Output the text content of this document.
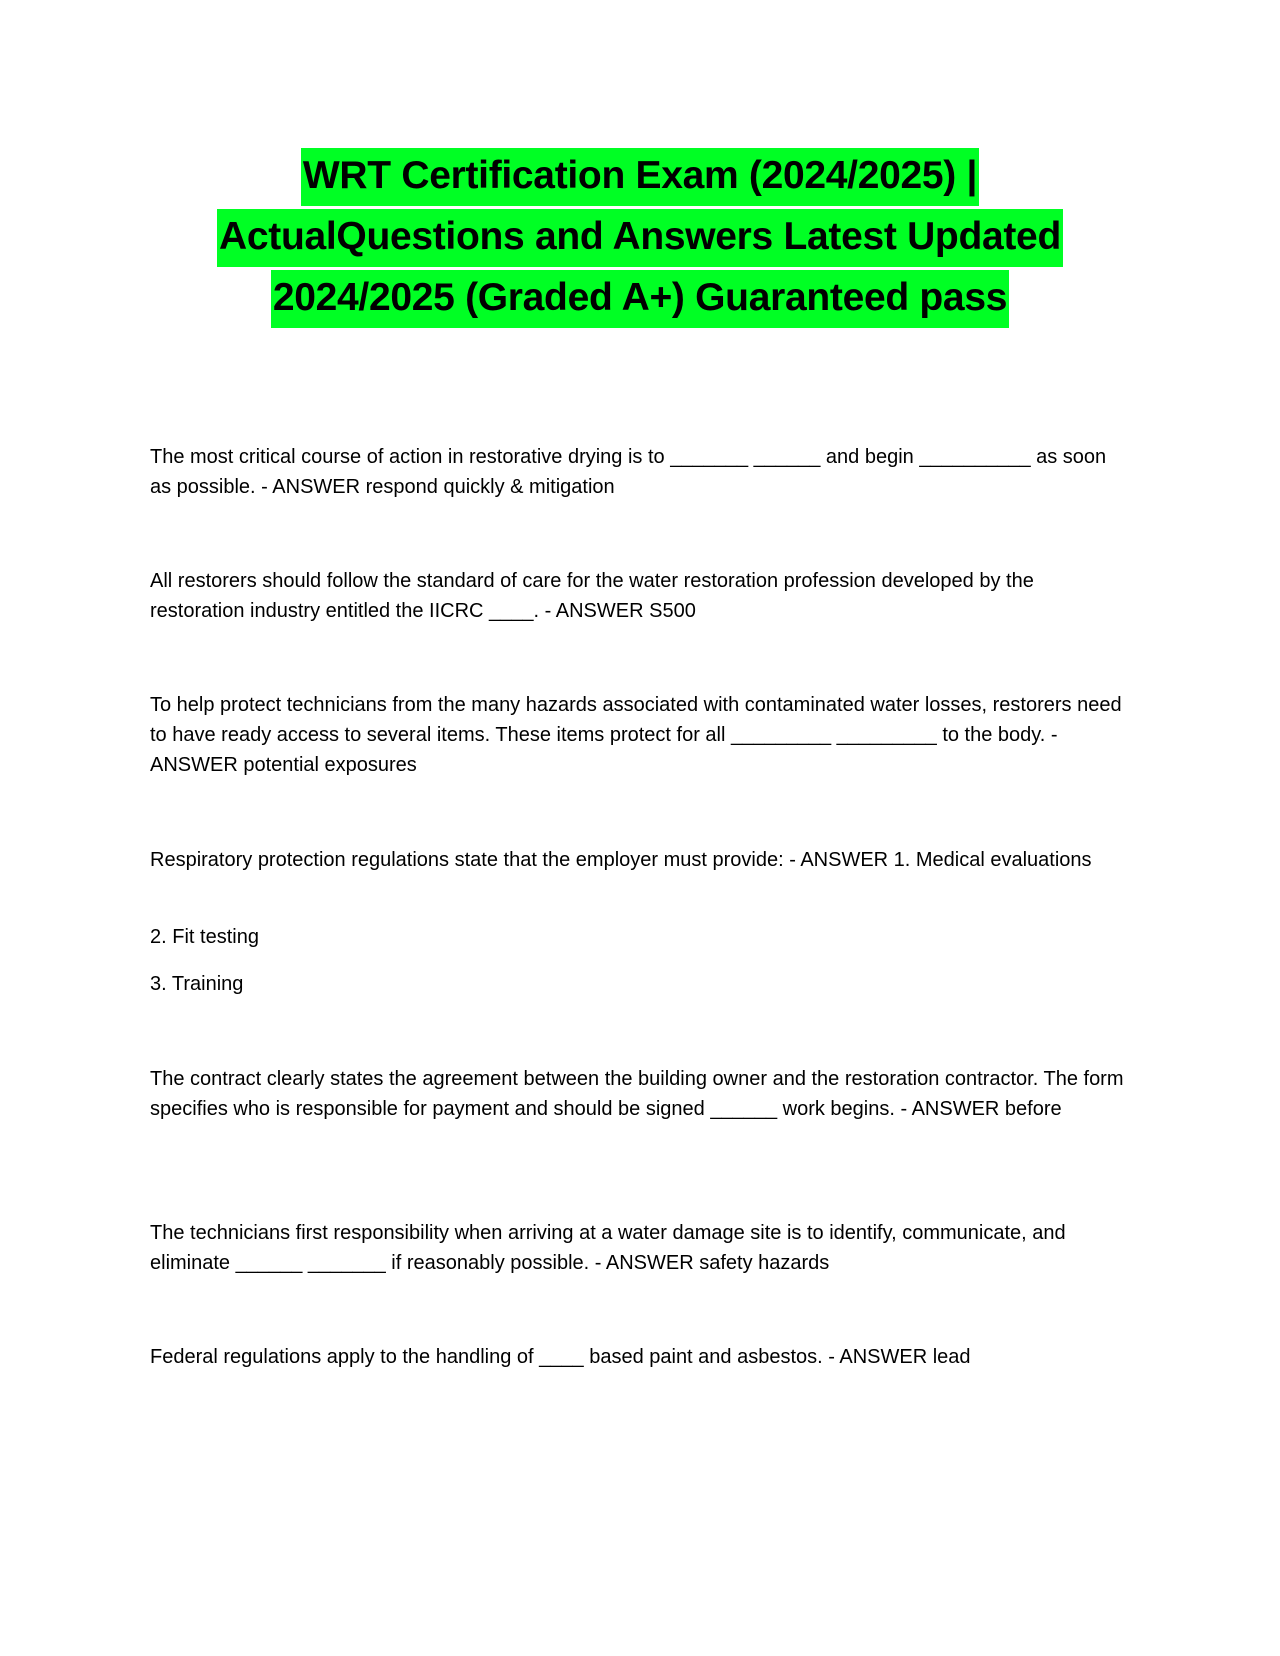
WRT Certification Exam (2024/2025) |
ActualQuestions and Answers Latest Updated
2024/2025 (Graded A+) Guaranteed pass

The most critical course of action in restorative drying is to _______ ______ and begin __________ as soon as possible. - ANSWER respond quickly & mitigation

All restorers should follow the standard of care for the water restoration profession developed by the restoration industry entitled the IICRC ____. - ANSWER S500

To help protect technicians from the many hazards associated with contaminated water losses, restorers need to have ready access to several items. These items protect for all _________ _________ to the body. - ANSWER potential exposures

Respiratory protection regulations state that the employer must provide: - ANSWER 1. Medical evaluations

2. Fit testing

3. Training

The contract clearly states the agreement between the building owner and the restoration contractor. The form specifies who is responsible for payment and should be signed ______ work begins. - ANSWER before

The technicians first responsibility when arriving at a water damage site is to identify, communicate, and eliminate ______ _______ if reasonably possible. - ANSWER safety hazards

Federal regulations apply to the handling of ____ based paint and asbestos. - ANSWER lead
